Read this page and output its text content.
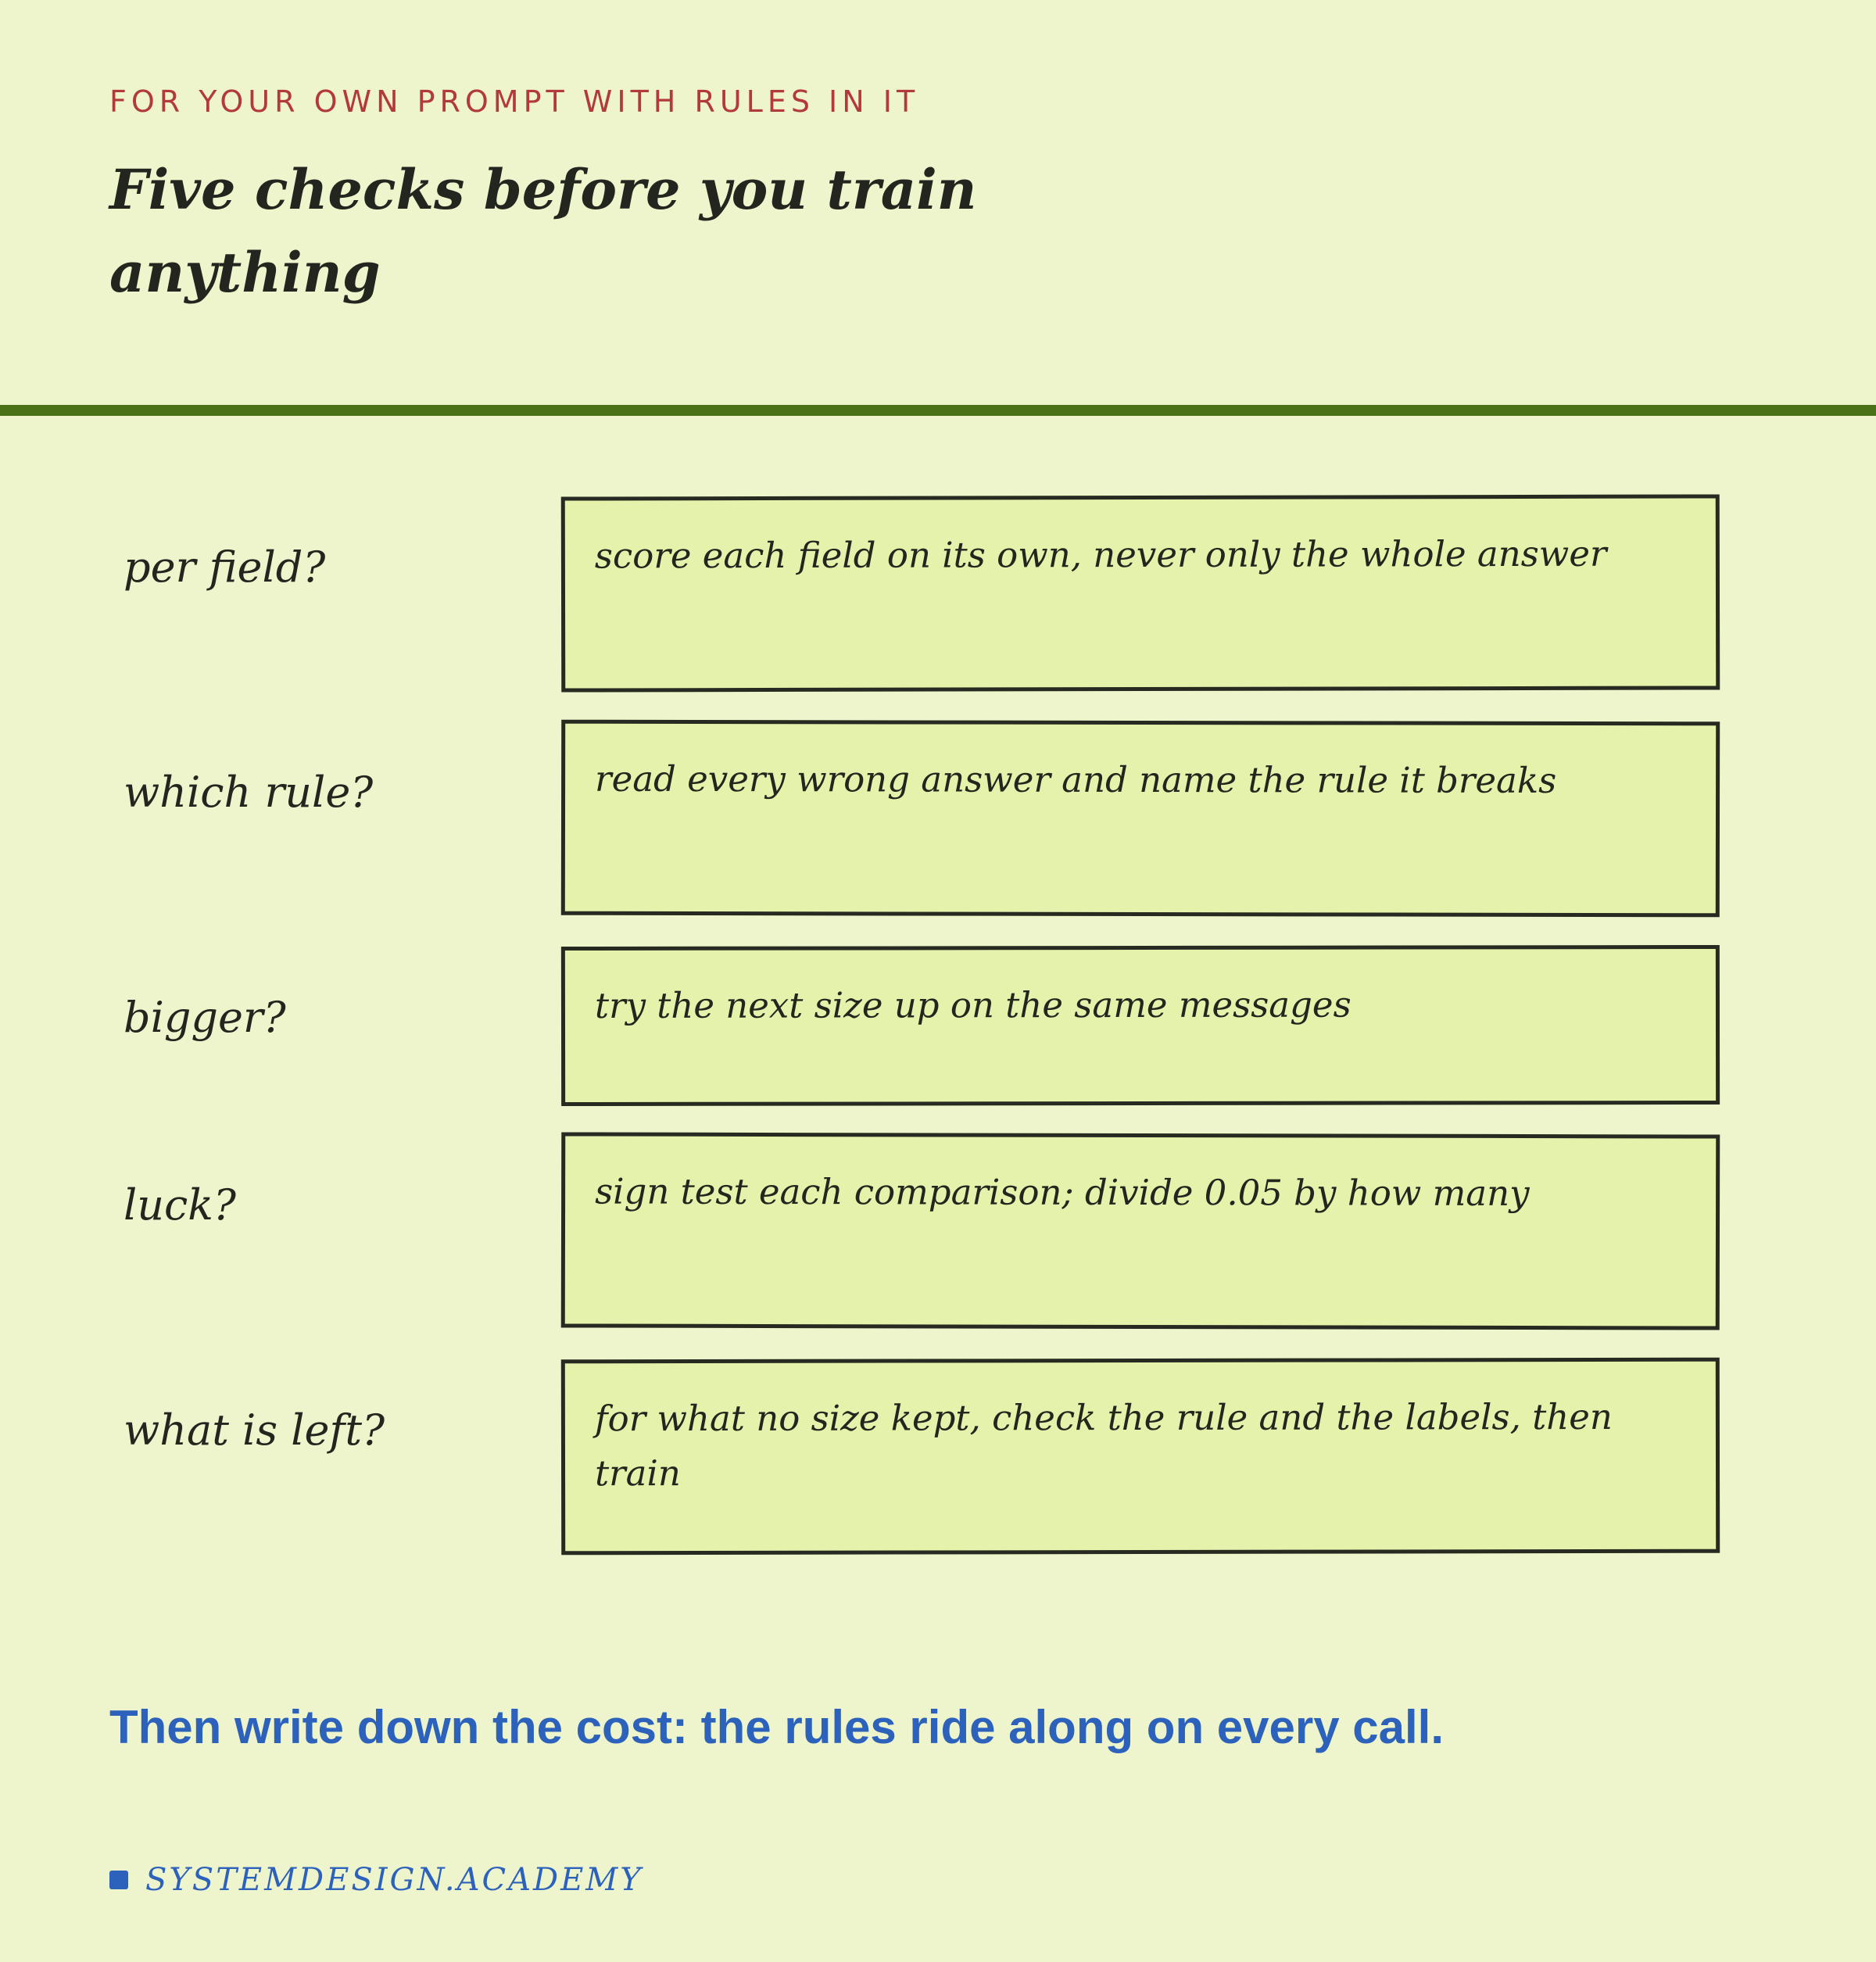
FOR YOUR OWN PROMPT WITH RULES IN IT
Five checks before you train anything
per field?	score each field on its own, never only the whole answer
which rule?	read every wrong answer and name the rule it breaks
bigger?	try the next size up on the same messages
luck?	sign test each comparison; divide 0.05 by how many
what is left?	for what no size kept, check the rule and the labels, then train

Then write down the cost: the rules ride along on every call.

SYSTEMDESIGN.ACADEMY
